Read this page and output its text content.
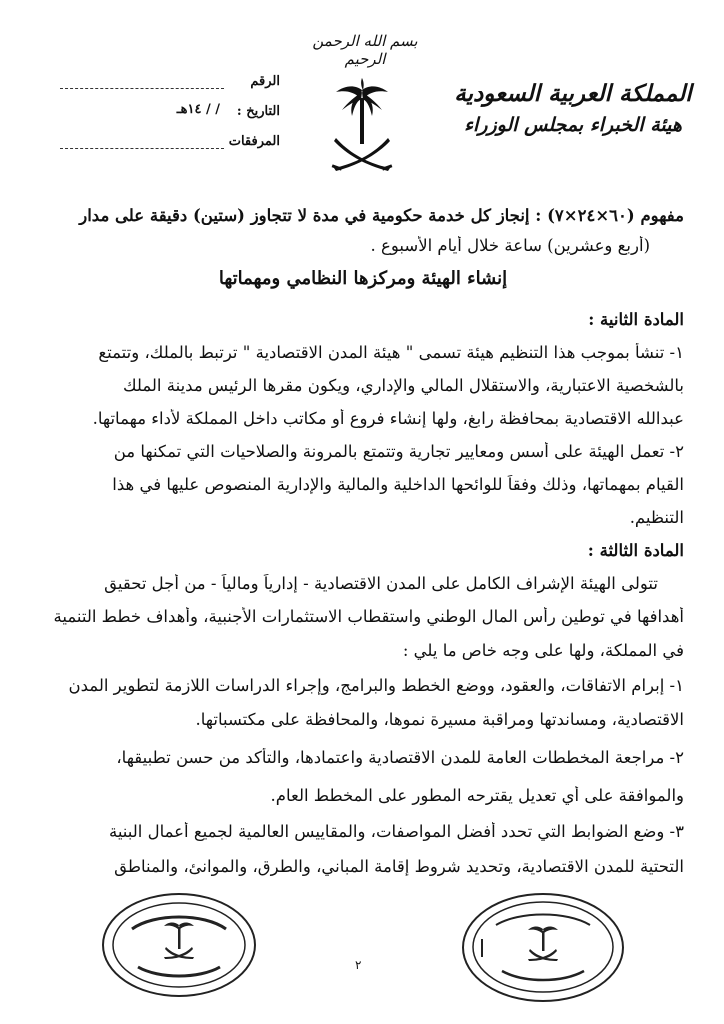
بسم الله الرحمن الرحيم
المملكة العربية السعودية
هيئة الخبراء بمجلس الوزراء
الرقم
التاريخ :
/ / ١٤هـ
المرفقات
مفهوم (٦٠×٢٤×٧) : إنجاز كل خدمة حكومية في مدة لا تتجاوز (ستين) دقيقة على مدار
(أربع وعشرين) ساعة خلال أيام الأسبوع .
إنشاء الهيئة ومركزها النظامي ومهماتها
المادة الثانية :
١- تنشأ بموجب هذا التنظيم هيئة تسمى " هيئة المدن الاقتصادية " ترتبط بالملك، وتتمتع
بالشخصية الاعتبارية، والاستقلال المالي والإداري، ويكون مقرها الرئيس مدينة الملك
عبدالله الاقتصادية بمحافظة رابغ، ولها إنشاء فروع أو مكاتب داخل المملكة لأداء مهماتها.
٢- تعمل الهيئة على أسس ومعايير تجارية وتتمتع بالمرونة والصلاحيات التي تمكنها من
القيام بمهماتها، وذلك وفقاً للوائحها الداخلية والمالية والإدارية المنصوص عليها في هذا
التنظيم.
المادة الثالثة :
تتولى الهيئة الإشراف الكامل على المدن الاقتصادية - إدارياً ومالياً - من أجل تحقيق
أهدافها في توطين رأس المال الوطني واستقطاب الاستثمارات الأجنبية، وأهداف خطط التنمية
في المملكة، ولها على وجه خاص ما يلي :
١- إبرام الاتفاقات، والعقود، ووضع الخطط والبرامج، وإجراء الدراسات اللازمة لتطوير المدن
الاقتصادية، ومساندتها ومراقبة مسيرة نموها، والمحافظة على مكتسباتها.
٢- مراجعة المخططات العامة للمدن الاقتصادية واعتمادها، والتأكد من حسن تطبيقها،
والموافقة على أي تعديل يقترحه المطور على المخطط العام.
٣- وضع الضوابط التي تحدد أفضل المواصفات، والمقاييس العالمية لجميع أعمال البنية
التحتية للمدن الاقتصادية، وتحديد شروط إقامة المباني، والطرق، والموانئ، والمناطق
٢
